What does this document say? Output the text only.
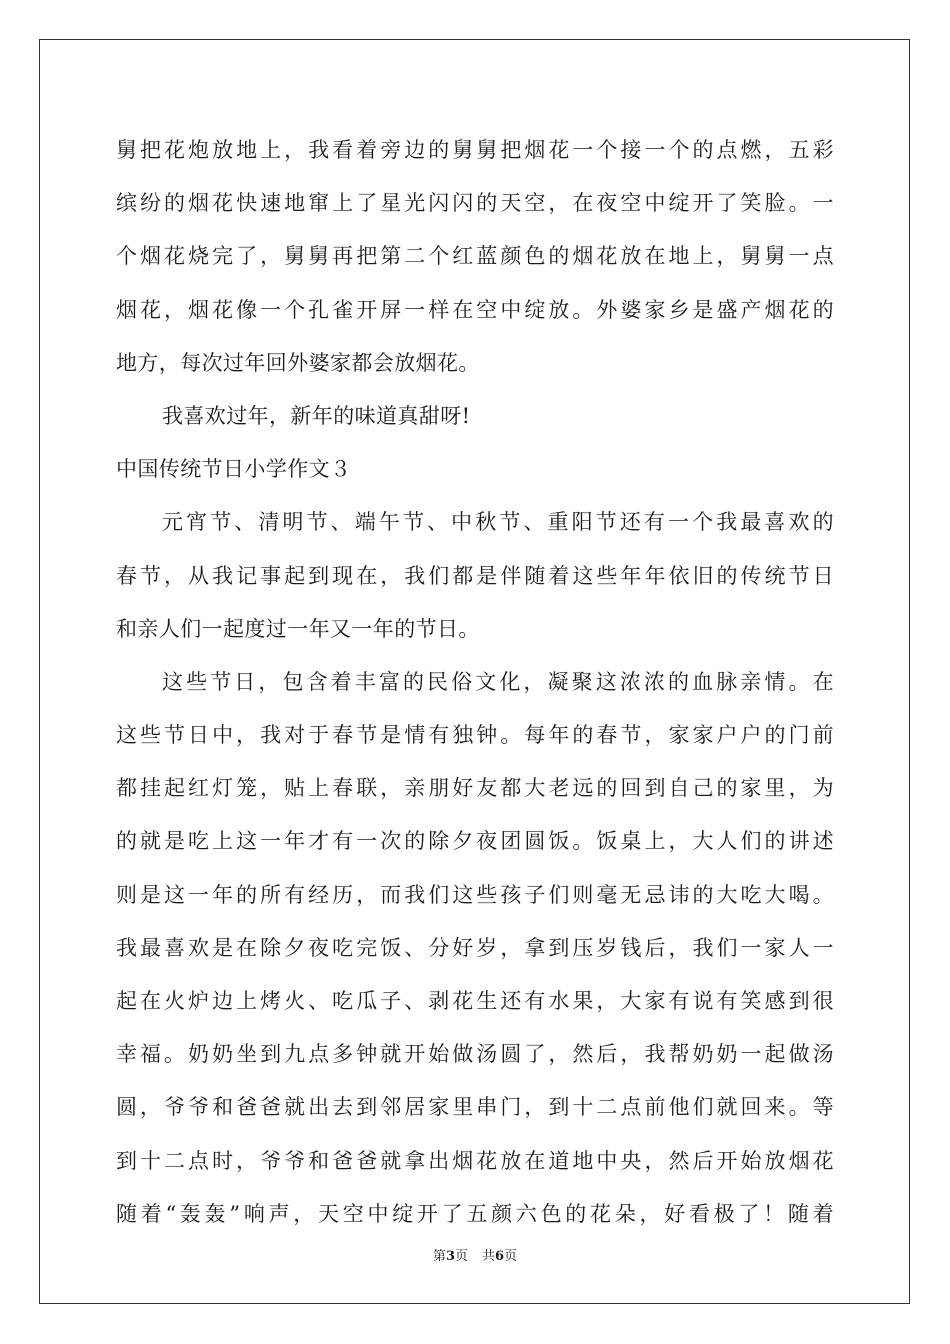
舅把花炮放地上，我看着旁边的舅舅把烟花一个接一个的点燃，五彩
缤纷的烟花快速地窜上了星光闪闪的天空，在夜空中绽开了笑脸。一
个烟花烧完了，舅舅再把第二个红蓝颜色的烟花放在地上，舅舅一点
烟花，烟花像一个孔雀开屏一样在空中绽放。外婆家乡是盛产烟花的
地方，每次过年回外婆家都会放烟花。
我喜欢过年，新年的味道真甜呀!
中国传统节日小学作文３
元宵节、清明节、端午节、中秋节、重阳节还有一个我最喜欢的
春节，从我记事起到现在，我们都是伴随着这些年年依旧的传统节日
和亲人们一起度过一年又一年的节日。
这些节日，包含着丰富的民俗文化，凝聚这浓浓的血脉亲情。在
这些节日中，我对于春节是情有独钟。每年的春节，家家户户的门前
都挂起红灯笼，贴上春联，亲朋好友都大老远的回到自己的家里，为
的就是吃上这一年才有一次的除夕夜团圆饭。饭桌上，大人们的讲述
则是这一年的所有经历，而我们这些孩子们则毫无忌讳的大吃大喝。
我最喜欢是在除夕夜吃完饭、分好岁，拿到压岁钱后，我们一家人一
起在火炉边上烤火、吃瓜子、剥花生还有水果，大家有说有笑感到很
幸福。奶奶坐到九点多钟就开始做汤圆了，然后，我帮奶奶一起做汤
圆，爷爷和爸爸就出去到邻居家里串门，到十二点前他们就回来。等
到十二点时，爷爷和爸爸就拿出烟花放在道地中央，然后开始放烟花
随着“轰轰”响声，天空中绽开了五颜六色的花朵，好看极了！随着
第3页 共6页
